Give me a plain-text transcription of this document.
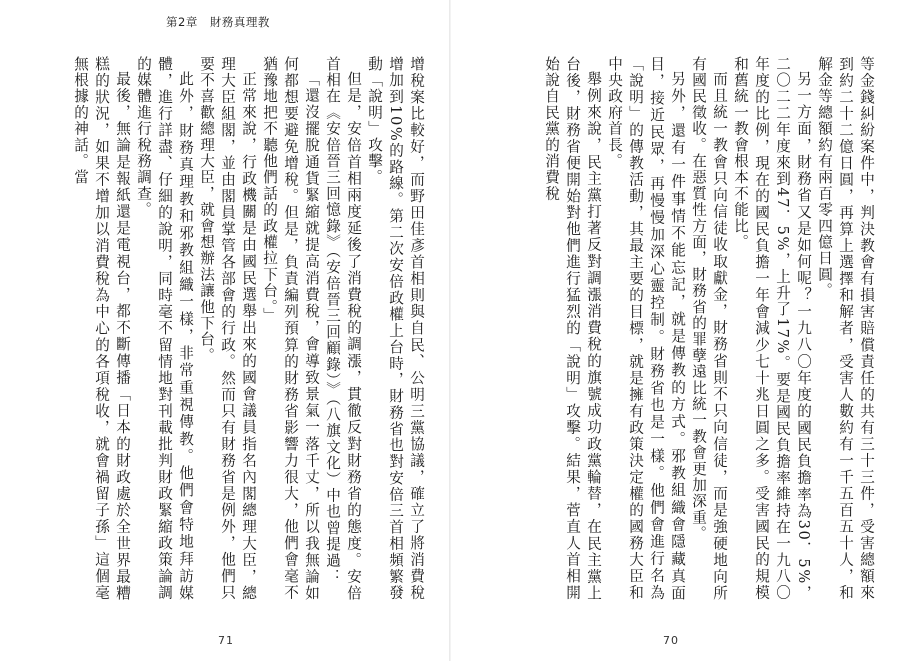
第2章　財務真理教

增稅案比較好，而野田佳彥首相則與自民、公明三黨協議，確立了將消費稅增加到10%的路線。第二次安倍政權上台時，財務省也對安倍三首相頻繁發動「說明」攻擊。

但是，安倍首相兩度延後了消費稅的調漲，貫徹反對財務省的態度。安倍首相在《安倍晉三回憶錄》（安倍晉三回顧錄）》（八旗文化）中也曾提過：

「還沒擺脫通貨緊縮就提高消費稅，會導致景氣一落千丈，所以我無論如何都想要避免增稅。但是，負責編列預算的財務省影響力很大，他們會毫不猶豫地把不聽他們話的政權拉下台。」

正常來說，行政機關是由國民選舉出來的國會議員指名內閣總理大臣，總理大臣組閣，並由閣員掌管各部會的行政。然而只有財務省是例外，他們只要不喜歡總理大臣，就會想辦法讓他下台。

此外，財務真理教和邪教組織一樣，非常重視傳教。他們會特地拜訪媒體，進行詳盡、仔細的說明，同時毫不留情地對刊載批判財政緊縮政策論調的媒體進行稅務調查。

最後，無論是報紙還是電視台，都不斷傳播「日本的財政處於全世界最糟糕的狀況，如果不增加以消費稅為中心的各項稅收，就會禍留子孫」這個毫無根據的神話。當

71

等金錢糾紛案件中，判決教會有損害賠償責任的共有三十三件，受害總額來到約二十二億日圓，再算上選擇和解者，受害人數約有一千五百五十人，和解金等總額約有兩百零四億日圓。

另一方面，財務省又是如何呢？一九八〇年度的國民負擔率為30．5%，二〇二二年度來到47．5%，上升了17%。要是國民負擔率維持在一九八〇年度的比例，現在的國民負擔一年會減少七十兆日圓之多。受害國民的規模和舊統一教會根本不能比。

而且統一教會只向信徒收取獻金，財務省則不只向信徒，而是強硬地向所有國民徵收。在惡質性方面，財務省的罪孽遠比統一教會更加深重。

另外，還有一件事情不能忘記，就是傳教的方式。邪教組織會隱藏真面目，接近民眾，再慢慢加深心靈控制。財務省也是一樣。他們會進行名為「說明」的傳教活動，其最主要的目標，就是擁有政策決定權的國務大臣和中央政府首長。

舉例來說，民主黨打著反對調漲消費稅的旗號成功政黨輪替，在民主黨上台後，財務省便開始對他們進行猛烈的「說明」攻擊。結果，菅直人首相開始說自民黨的消費稅

70
